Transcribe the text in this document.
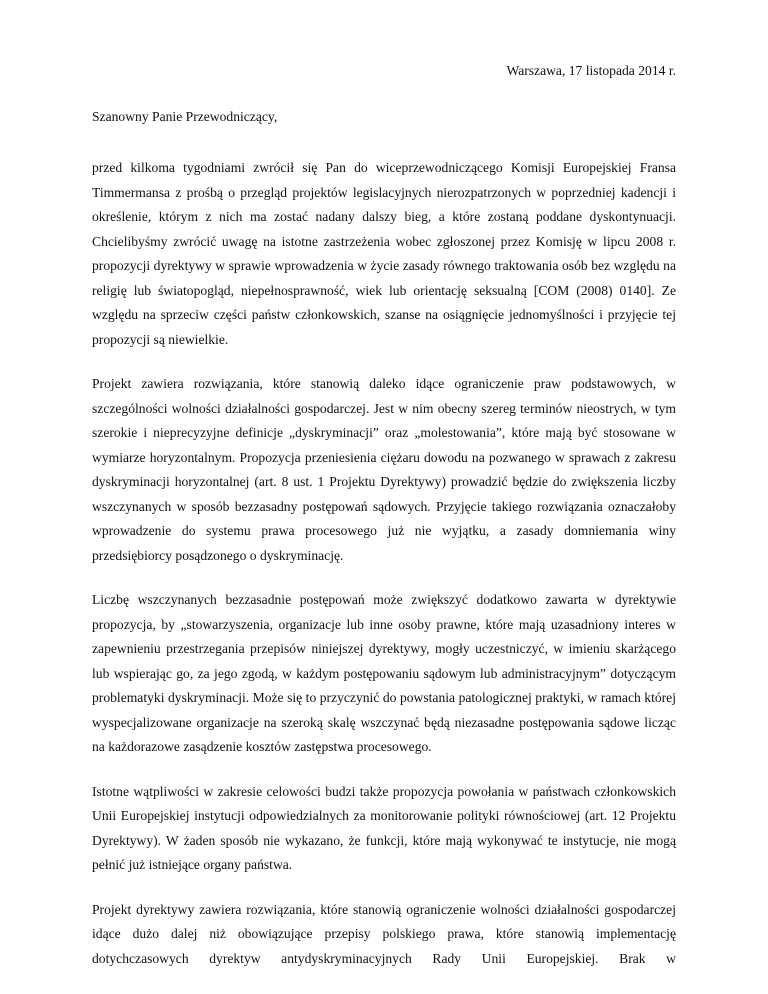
Warszawa, 17 listopada 2014 r.
Szanowny Panie Przewodniczący,

przed kilkoma tygodniami zwrócił się Pan do wiceprzewodniczącego Komisji Europejskiej Fransa Timmermansa z prośbą o przegląd projektów legislacyjnych nierozpatrzonych w poprzedniej kadencji i określenie, którym z nich ma zostać nadany dalszy bieg, a które zostaną poddane dyskontynuacji. Chcielibyśmy zwrócić uwagę na istotne zastrzeżenia wobec zgłoszonej przez Komisję w lipcu 2008 r. propozycji dyrektywy w sprawie wprowadzenia w życie zasady równego traktowania osób bez względu na religię lub światopogląd, niepełnosprawność, wiek lub orientację seksualną [COM (2008) 0140]. Ze względu na sprzeciw części państw członkowskich, szanse na osiągnięcie jednomyślności i przyjęcie tej propozycji są niewielkie.

Projekt zawiera rozwiązania, które stanowią daleko idące ograniczenie praw podstawowych, w szczególności wolności działalności gospodarczej. Jest w nim obecny szereg terminów nieostrych, w tym szerokie i nieprecyzyjne definicje „dyskryminacji” oraz „molestowania”, które mają być stosowane w wymiarze horyzontalnym. Propozycja przeniesienia ciężaru dowodu na pozwanego w sprawach z zakresu dyskryminacji horyzontalnej (art. 8 ust. 1 Projektu Dyrektywy) prowadzić będzie do zwiększenia liczby wszczynanych w sposób bezzasadny postępowań sądowych. Przyjęcie takiego rozwiązania oznaczałoby wprowadzenie do systemu prawa procesowego już nie wyjątku, a zasady domniemania winy przedsiębiorcy posądzonego o dyskryminację.

Liczbę wszczynanych bezzasadnie postępowań może zwiększyć dodatkowo zawarta w dyrektywie propozycja, by „stowarzyszenia, organizacje lub inne osoby prawne, które mają uzasadniony interes w zapewnieniu przestrzegania przepisów niniejszej dyrektywy, mogły uczestniczyć, w imieniu skarżącego lub wspierając go, za jego zgodą, w każdym postępowaniu sądowym lub administracyjnym” dotyczącym problematyki dyskryminacji. Może się to przyczynić do powstania patologicznej praktyki, w ramach której wyspecjalizowane organizacje na szeroką skalę wszczynać będą niezasadne postępowania sądowe licząc na każdorazowe zasądzenie kosztów zastępstwa procesowego.

Istotne wątpliwości w zakresie celowości budzi także propozycja powołania w państwach członkowskich Unii Europejskiej instytucji odpowiedzialnych za monitorowanie polityki równościowej (art. 12 Projektu Dyrektywy). W żaden sposób nie wykazano, że funkcji, które mają wykonywać te instytucje, nie mogą pełnić już istniejące organy państwa.

Projekt dyrektywy zawiera rozwiązania, które stanowią ograniczenie wolności działalności gospodarczej idące dużo dalej niż obowiązujące przepisy polskiego prawa, które stanowią implementację dotychczasowych dyrektyw antydyskryminacyjnych Rady Unii Europejskiej. Brak w
